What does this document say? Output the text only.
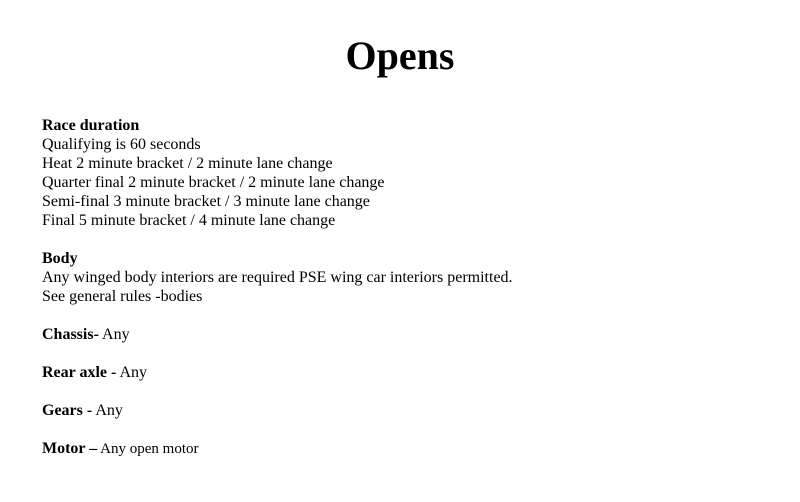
Opens
Race duration
Qualifying is 60 seconds
Heat 2 minute bracket / 2 minute lane change
Quarter final 2 minute bracket / 2 minute lane change
Semi-final 3 minute bracket / 3 minute lane change
Final 5 minute bracket / 4 minute lane change
Body
Any winged body interiors are required PSE wing car interiors permitted.
See general rules -bodies
Chassis- Any
Rear axle - Any
Gears - Any
Motor – Any open motor
